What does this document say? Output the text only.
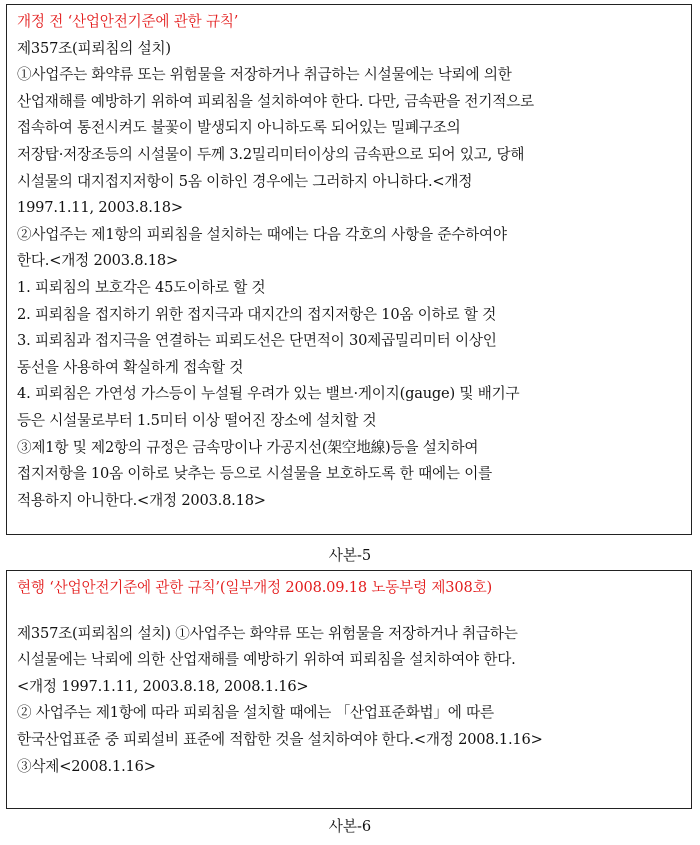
개정 전 ‘산업안전기준에 관한 규칙’
제357조(피뢰침의 설치)
①사업주는 화약류 또는 위험물을 저장하거나 취급하는 시설물에는 낙뢰에 의한
산업재해를 예방하기 위하여 피뢰침을 설치하여야 한다. 다만, 금속판을 전기적으로
접속하여 통전시켜도 불꽃이 발생되지 아니하도록 되어있는 밀폐구조의
저장탑·저장조등의 시설물이 두께 3.2밀리미터이상의 금속판으로 되어 있고, 당해
시설물의 대지접지저항이 5옴 이하인 경우에는 그러하지 아니하다.<개정
1997.1.11, 2003.8.18>
②사업주는 제1항의 피뢰침을 설치하는 때에는 다음 각호의 사항을 준수하여야
한다.<개정 2003.8.18>
1. 피뢰침의 보호각은 45도이하로 할 것
2. 피뢰침을 접지하기 위한 접지극과 대지간의 접지저항은 10옴 이하로 할 것
3. 피뢰침과 접지극을 연결하는 피뢰도선은 단면적이 30제곱밀리미터 이상인
동선을 사용하여 확실하게 접속할 것
4. 피뢰침은 가연성 가스등이 누설될 우려가 있는 밸브·게이지(gauge) 및 배기구
등은 시설물로부터 1.5미터 이상 떨어진 장소에 설치할 것
③제1항 및 제2항의 규정은 금속망이나 가공지선(架空地線)등을 설치하여
접지저항을 10옴 이하로 낮추는 등으로 시설물을 보호하도록 한 때에는 이를
적용하지 아니한다.<개정 2003.8.18>
사본-5
현행 ‘산업안전기준에 관한 규칙’(일부개정 2008.09.18 노동부령 제308호)
제357조(피뢰침의 설치) ①사업주는 화약류 또는 위험물을 저장하거나 취급하는
시설물에는 낙뢰에 의한 산업재해를 예방하기 위하여 피뢰침을 설치하여야 한다.
<개정 1997.1.11, 2003.8.18, 2008.1.16>
② 사업주는 제1항에 따라 피뢰침을 설치할 때에는 「산업표준화법」에 따른
한국산업표준 중 피뢰설비 표준에 적합한 것을 설치하여야 한다.<개정 2008.1.16>
③삭제<2008.1.16>
사본-6
